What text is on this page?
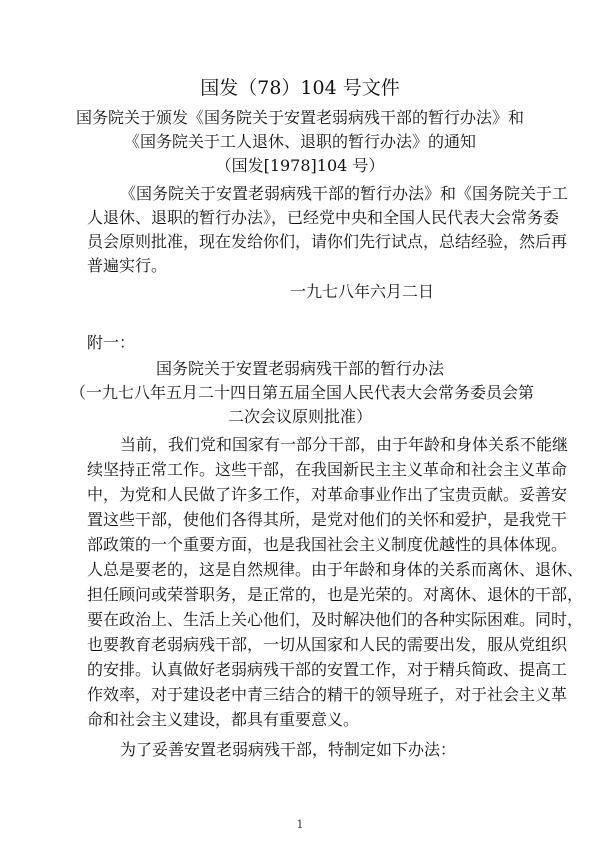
国发（78）104 号文件
国务院关于颁发《国务院关于安置老弱病残干部的暂行办法》和
《国务院关于工人退休、退职的暂行办法》的通知
（国发[1978]104 号）
《国务院关于安置老弱病残干部的暂行办法》和《国务院关于工
人退休、退职的暂行办法》，已经党中央和全国人民代表大会常务委
员会原则批准，现在发给你们，请你们先行试点，总结经验，然后再
普遍实行。
一九七八年六月二日
附一：
国务院关于安置老弱病残干部的暂行办法
（一九七八年五月二十四日第五届全国人民代表大会常务委员会第
二次会议原则批准）
当前，我们党和国家有一部分干部，由于年龄和身体关系不能继
续坚持正常工作。这些干部，在我国新民主主义革命和社会主义革命
中，为党和人民做了许多工作，对革命事业作出了宝贵贡献。妥善安
置这些干部，使他们各得其所，是党对他们的关怀和爱护，是我党干
部政策的一个重要方面，也是我国社会主义制度优越性的具体体现。
人总是要老的，这是自然规律。由于年龄和身体的关系而离休、退休、
担任顾问或荣誉职务，是正常的，也是光荣的。对离休、退休的干部，
要在政治上、生活上关心他们，及时解决他们的各种实际困难。同时，
也要教育老弱病残干部，一切从国家和人民的需要出发，服从党组织
的安排。认真做好老弱病残干部的安置工作，对于精兵简政、提高工
作效率，对于建设老中青三结合的精干的领导班子，对于社会主义革
命和社会主义建设，都具有重要意义。
为了妥善安置老弱病残干部，特制定如下办法：
1
